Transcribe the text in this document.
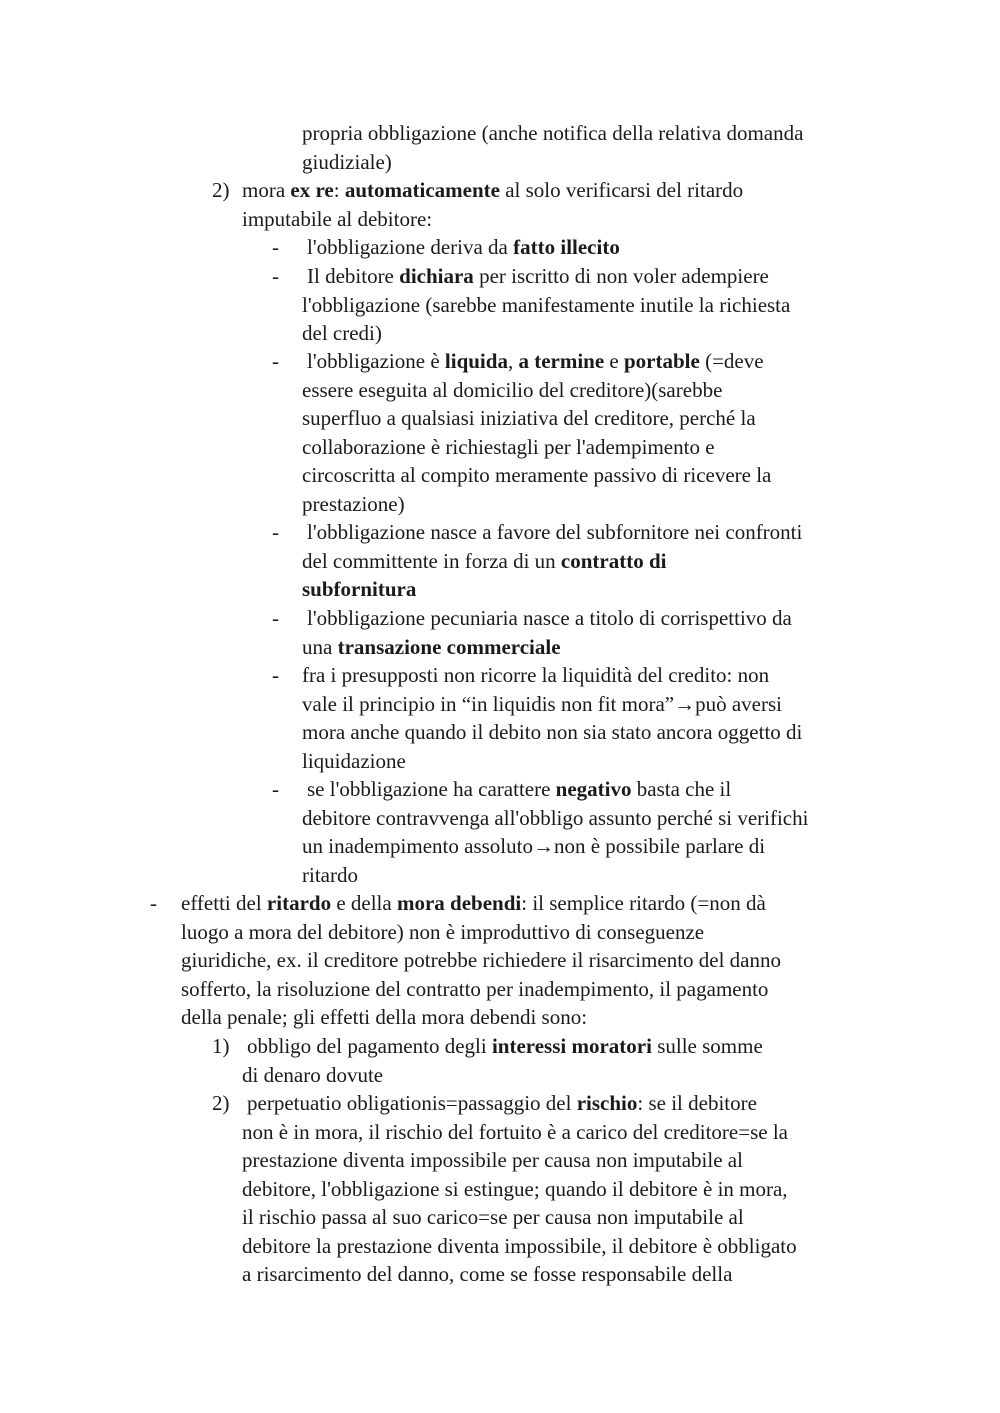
propria obbligazione (anche notifica della relativa domanda
giudiziale)
2) mora ex re: automaticamente al solo verificarsi del ritardo
imputabile al debitore:
- l'obbligazione deriva da fatto illecito
- Il debitore dichiara per iscritto di non voler adempiere
l'obbligazione (sarebbe manifestamente inutile la richiesta
del credi)
- l'obbligazione è liquida, a termine e portable (=deve
essere eseguita al domicilio del creditore)(sarebbe
superfluo a qualsiasi iniziativa del creditore, perché la
collaborazione è richiestagli per l'adempimento e
circoscritta al compito meramente passivo di ricevere la
prestazione)
- l'obbligazione nasce a favore del subfornitore nei confronti
del committente in forza di un contratto di
subfornitura
- l'obbligazione pecuniaria nasce a titolo di corrispettivo da
una transazione commerciale
- fra i presupposti non ricorre la liquidità del credito: non
vale il principio in “in liquidis non fit mora”→può aversi
mora anche quando il debito non sia stato ancora oggetto di
liquidazione
- se l'obbligazione ha carattere negativo basta che il
debitore contravvenga all'obbligo assunto perché si verifichi
un inadempimento assoluto→non è possibile parlare di
ritardo
- effetti del ritardo e della mora debendi: il semplice ritardo (=non dà
luogo a mora del debitore) non è improduttivo di conseguenze
giuridiche, ex. il creditore potrebbe richiedere il risarcimento del danno
sofferto, la risoluzione del contratto per inadempimento, il pagamento
della penale; gli effetti della mora debendi sono:
1) obbligo del pagamento degli interessi moratori sulle somme
di denaro dovute
2) perpetuatio obligationis=passaggio del rischio: se il debitore
non è in mora, il rischio del fortuito è a carico del creditore=se la
prestazione diventa impossibile per causa non imputabile al
debitore, l'obbligazione si estingue; quando il debitore è in mora,
il rischio passa al suo carico=se per causa non imputabile al
debitore la prestazione diventa impossibile, il debitore è obbligato
a risarcimento del danno, come se fosse responsabile della
